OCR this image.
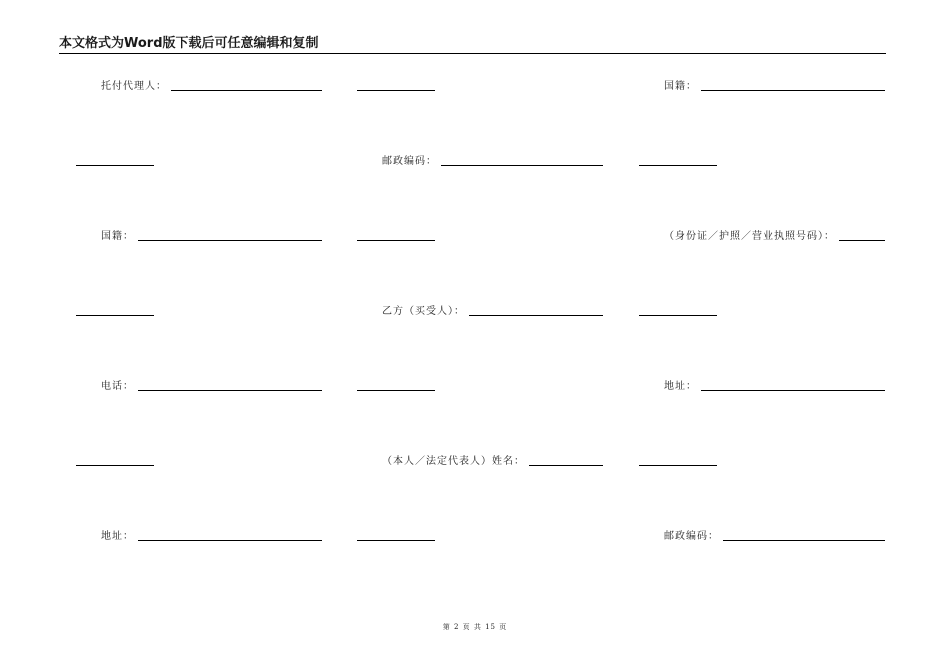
本文格式为Word版下载后可任意编辑和复制
托付代理人：	国籍：
邮政编码：
国籍：	（身份证／护照／营业执照号码）：
乙方（买受人）：
电话：	地址：
（本人／法定代表人）姓名：
地址：	邮政编码：
第 2 页 共 15 页
